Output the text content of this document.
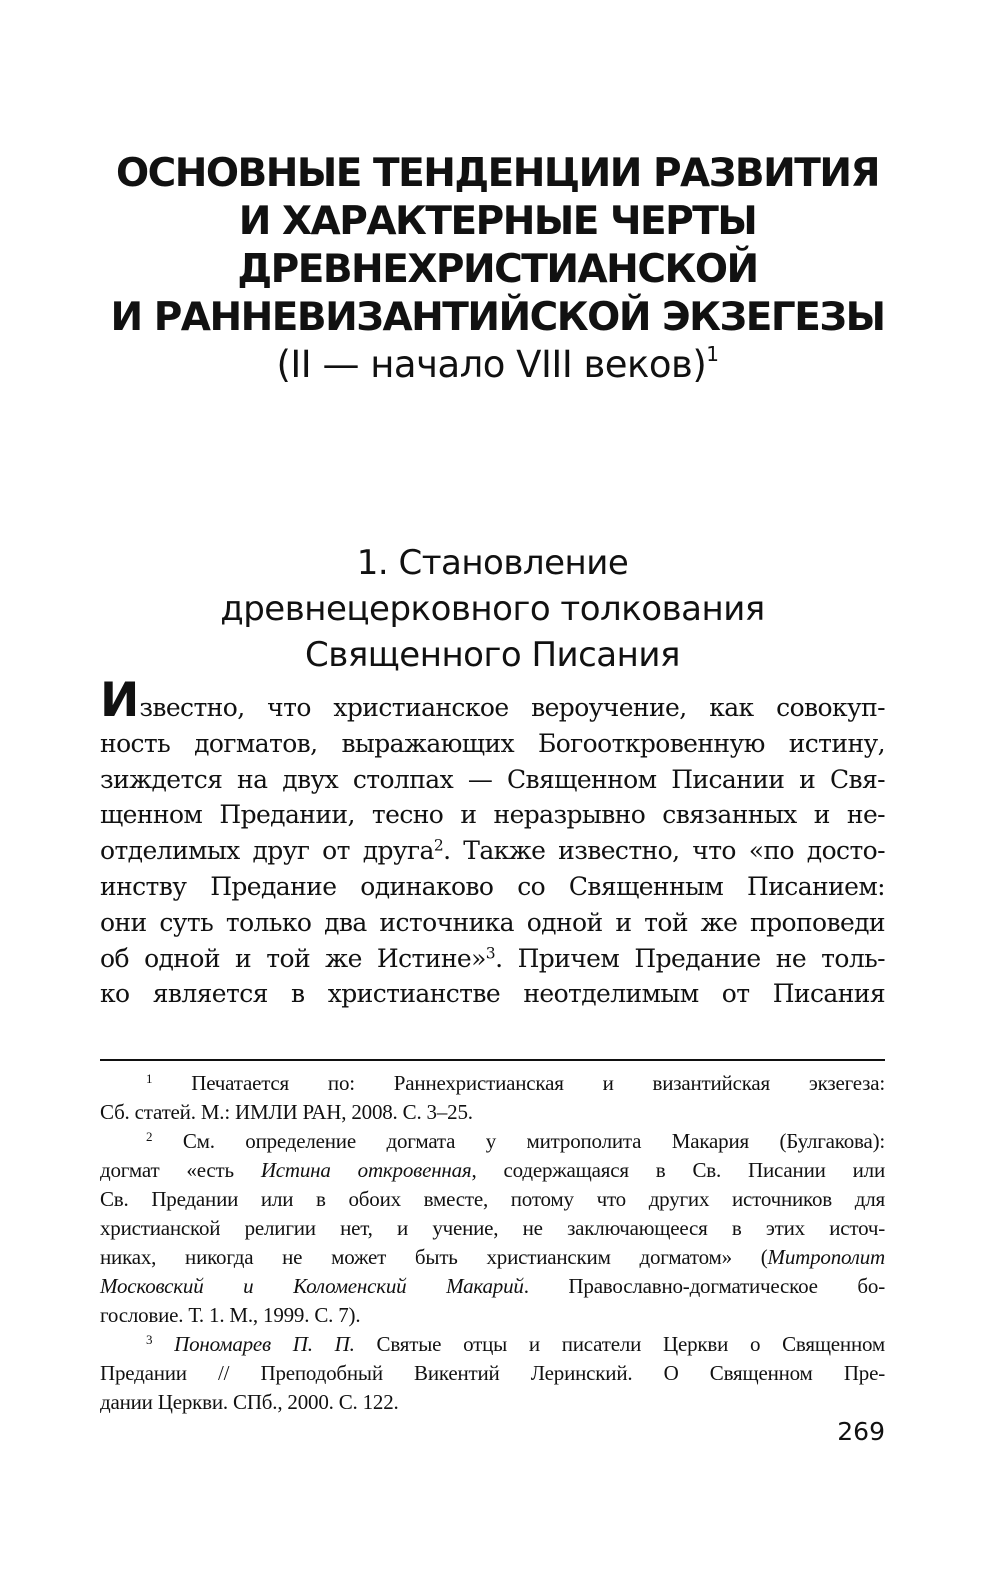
ОСНОВНЫЕ ТЕНДЕНЦИИ РАЗВИТИЯ
И ХАРАКТЕРНЫЕ ЧЕРТЫ
ДРЕВНЕХРИСТИАНСКОЙ
И РАННЕВИЗАНТИЙСКОЙ ЭКЗЕГЕЗЫ
(II — начало VIII веков)$^1$
1. Становление
древнецерковного толкования
Священного Писания
Известно, что христианское вероучение, как совокуп-
ность догматов, выражающих Богооткровенную истину,
зиждется на двух столпах — Священном Писании и Свя-
щенном Предании, тесно и неразрывно связанных и не-
отделимых друг от друга$^2$. Также известно, что «по досто-
инству Предание одинаково со Священным Писанием:
они суть только два источника одной и той же проповеди
об одной и той же Истине»$^3$. Причем Предание не толь-
ко является в христианстве неотделимым от Писания
$^1$ Печатается по: Раннехристианская и византийская экзегеза:
Сб. статей. М.: ИМЛИ РАН, 2008. С. 3–25.
$^2$ См. определение догмата у митрополита Макария (Булгакова):
догмат «есть Истина откровенная, содержащаяся в Св. Писании или
Св. Предании или в обоих вместе, потому что других источников для
христианской религии нет, и учение, не заключающееся в этих источ-
никах, никогда не может быть христианским догматом» (Митрополит
Московский и Коломенский Макарий. Православно-догматическое бо-
гословие. Т. 1. М., 1999. С. 7).
$^3$ Пономарев П. П. Святые отцы и писатели Церкви о Священном
Предании // Преподобный Викентий Леринский. О Священном Пре-
дании Церкви. СПб., 2000. С. 122.
269
